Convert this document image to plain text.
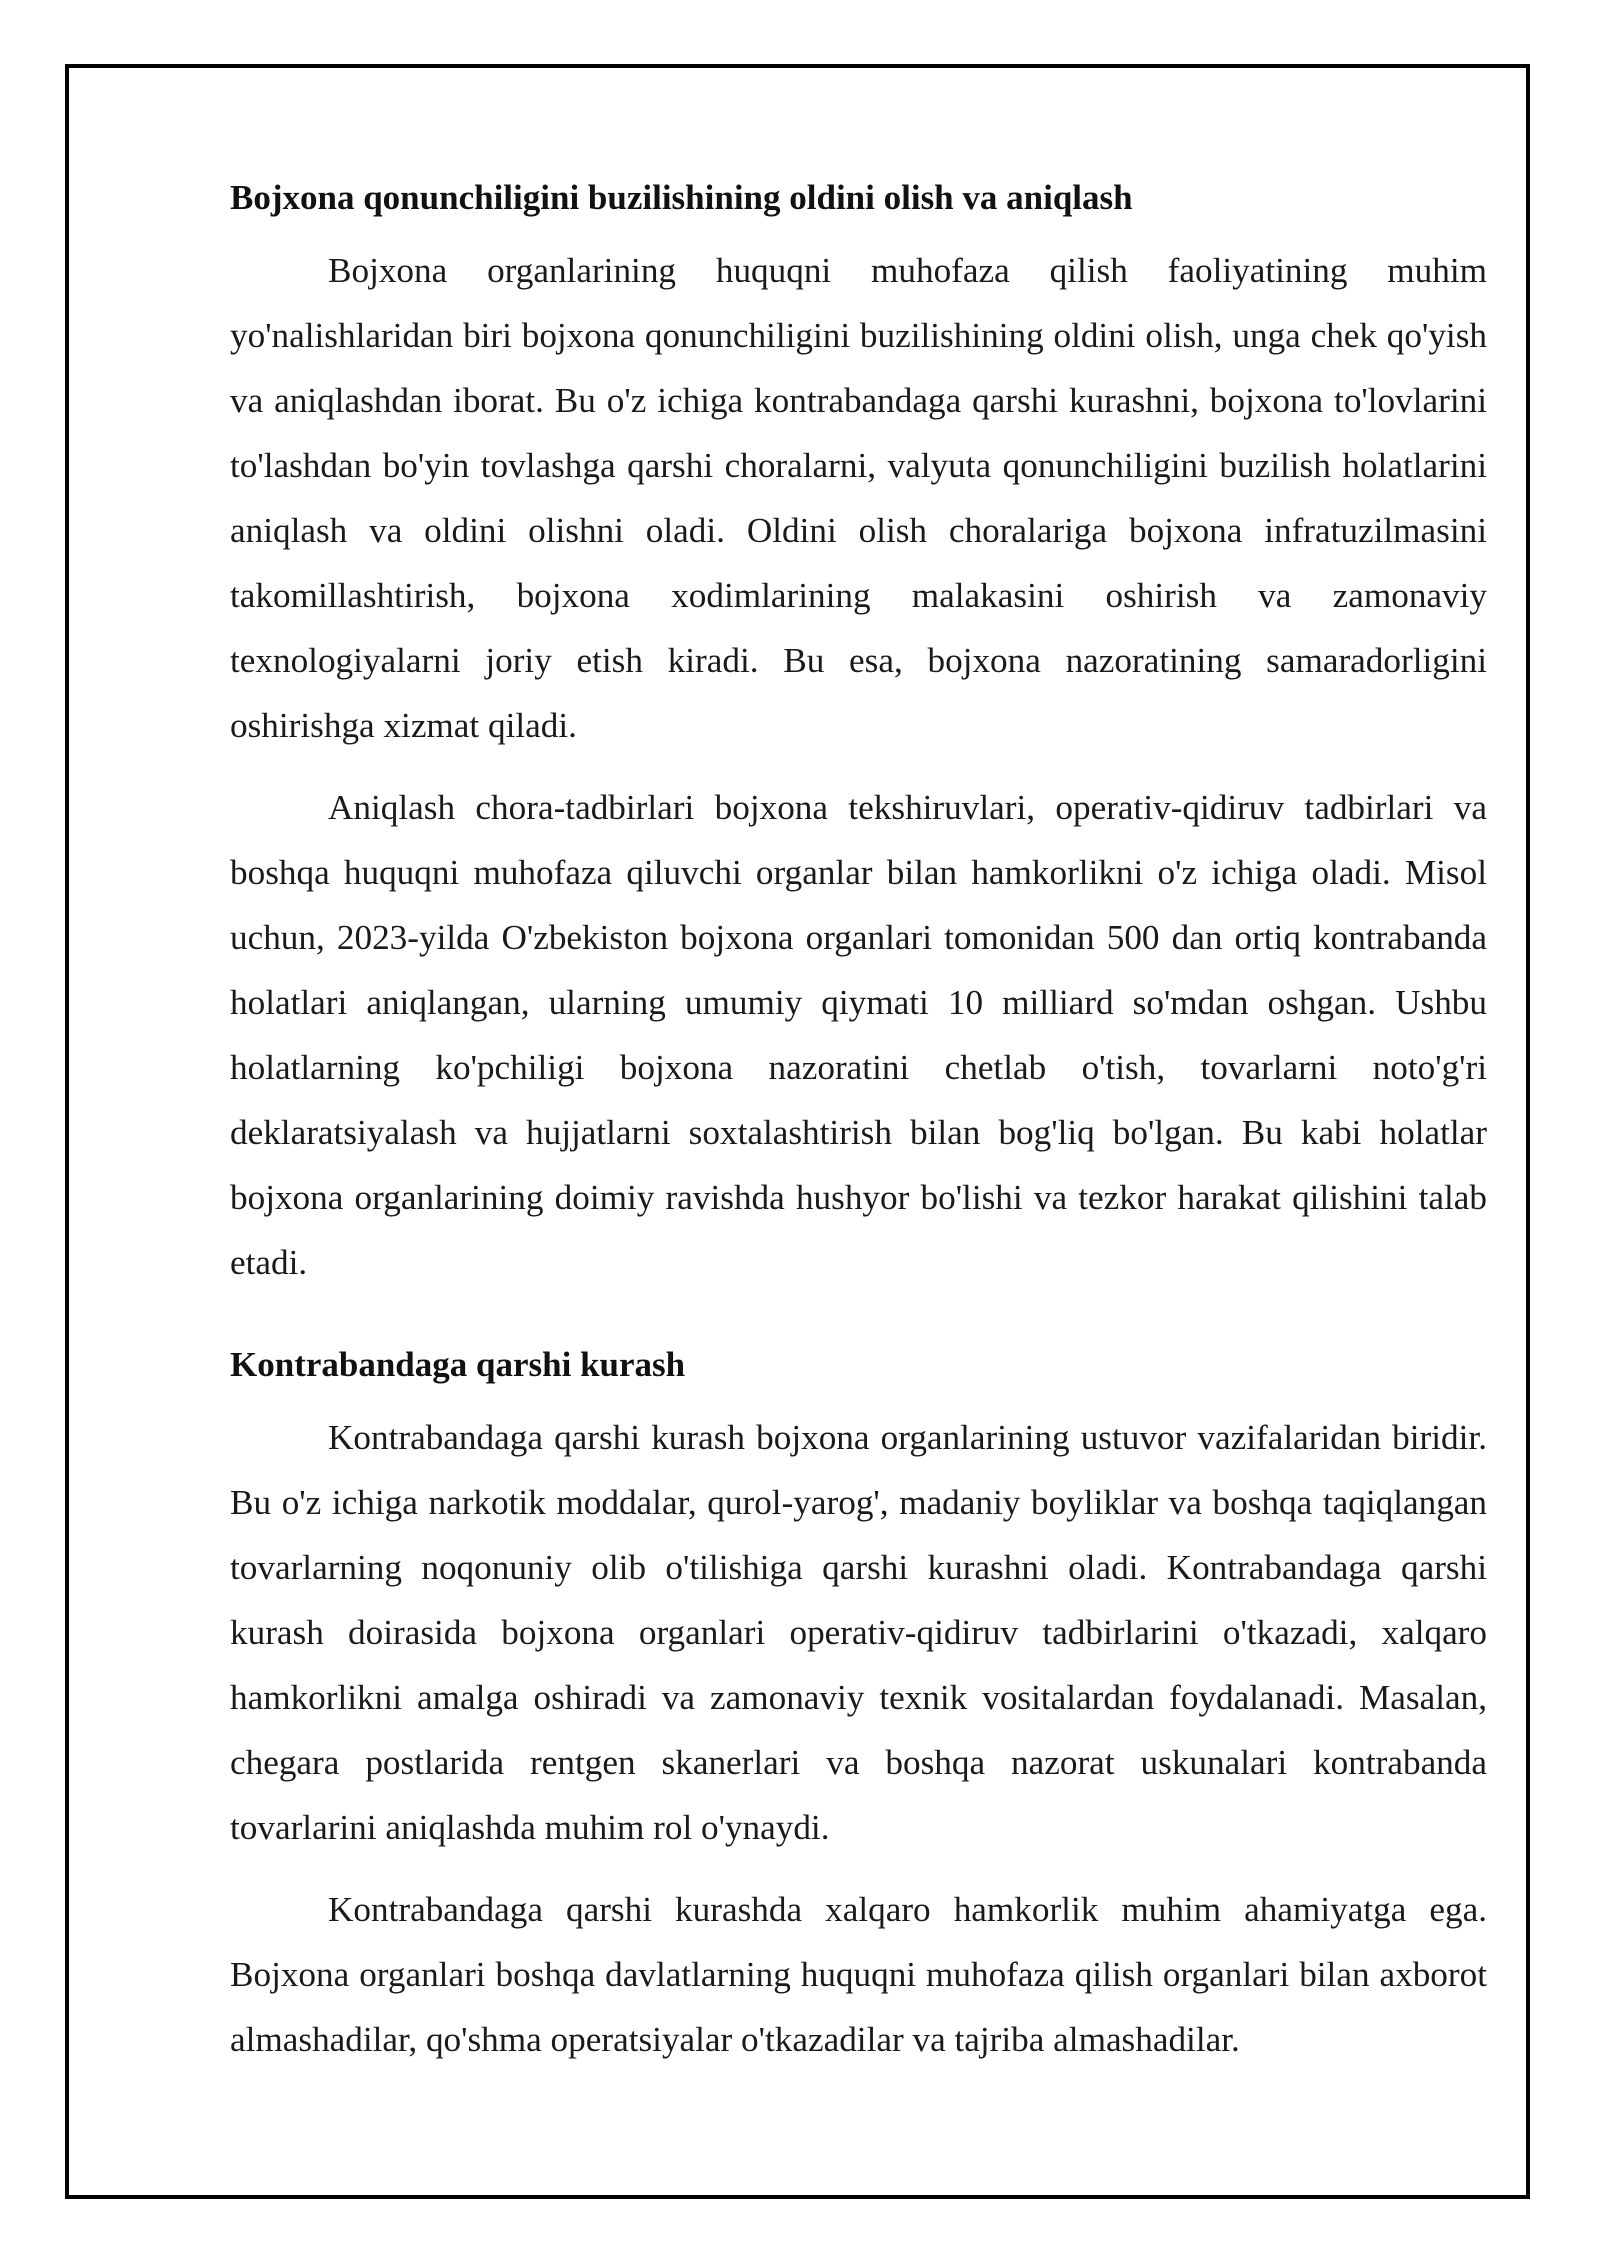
Bojxona qonunchiligini buzilishining oldini olish va aniqlash

Bojxona organlarining huquqni muhofaza qilish faoliyatining muhim yo'nalishlaridan biri bojxona qonunchiligini buzilishining oldini olish, unga chek qo'yish va aniqlashdan iborat. Bu o'z ichiga kontrabandaga qarshi kurashni, bojxona to'lovlarini to'lashdan bo'yin tovlashga qarshi choralarni, valyuta qonunchiligini buzilish holatlarini aniqlash va oldini olishni oladi. Oldini olish choralariga bojxona infratuzilmasini takomillashtirish, bojxona xodimlarining malakasini oshirish va zamonaviy texnologiyalarni joriy etish kiradi. Bu esa, bojxona nazoratining samaradorligini oshirishga xizmat qiladi.

Aniqlash chora-tadbirlari bojxona tekshiruvlari, operativ-qidiruv tadbirlari va boshqa huquqni muhofaza qiluvchi organlar bilan hamkorlikni o'z ichiga oladi. Misol uchun, 2023-yilda O'zbekiston bojxona organlari tomonidan 500 dan ortiq kontrabanda holatlari aniqlangan, ularning umumiy qiymati 10 milliard so'mdan oshgan. Ushbu holatlarning ko'pchiligi bojxona nazoratini chetlab o'tish, tovarlarni noto'g'ri deklaratsiyalash va hujjatlarni soxtalashtirish bilan bog'liq bo'lgan. Bu kabi holatlar bojxona organlarining doimiy ravishda hushyor bo'lishi va tezkor harakat qilishini talab etadi.

Kontrabandaga qarshi kurash

Kontrabandaga qarshi kurash bojxona organlarining ustuvor vazifalaridan biridir. Bu o'z ichiga narkotik moddalar, qurol-yarog', madaniy boyliklar va boshqa taqiqlangan tovarlarning noqonuniy olib o'tilishiga qarshi kurashni oladi. Kontrabandaga qarshi kurash doirasida bojxona organlari operativ-qidiruv tadbirlarini o'tkazadi, xalqaro hamkorlikni amalga oshiradi va zamonaviy texnik vositalardan foydalanadi. Masalan, chegara postlarida rentgen skanerlari va boshqa nazorat uskunalari kontrabanda tovarlarini aniqlashda muhim rol o'ynaydi.

Kontrabandaga qarshi kurashda xalqaro hamkorlik muhim ahamiyatga ega. Bojxona organlari boshqa davlatlarning huquqni muhofaza qilish organlari bilan axborot almashadilar, qo'shma operatsiyalar o'tkazadilar va tajriba almashadilar.
